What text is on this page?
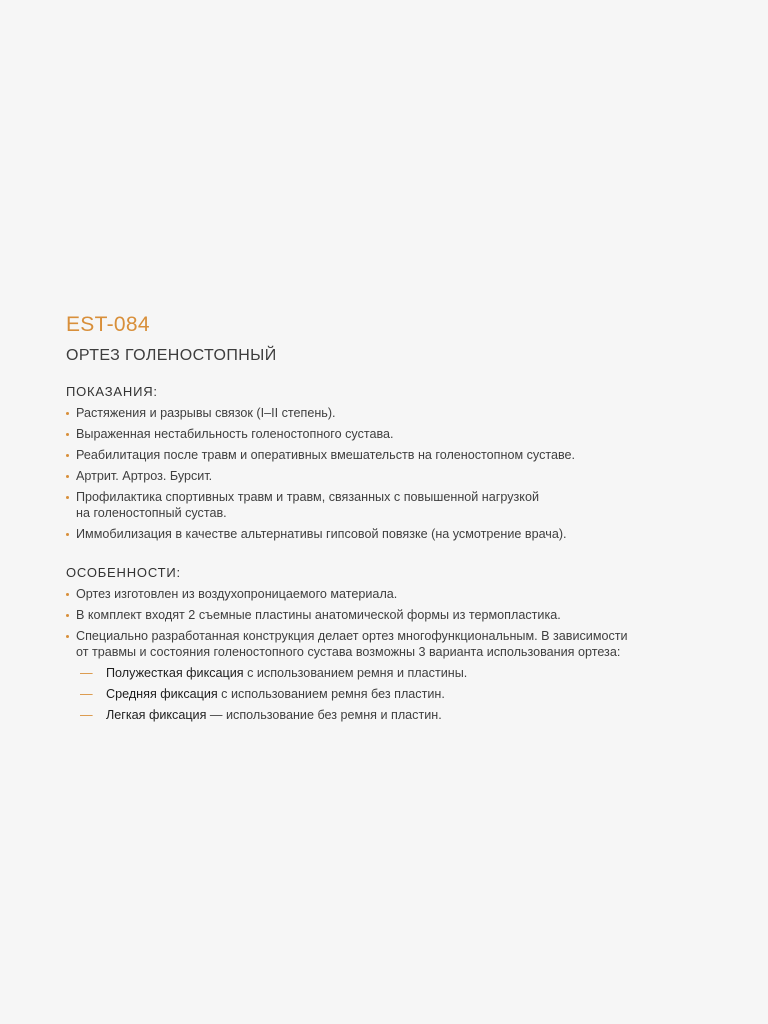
EST-084
ОРТЕЗ ГОЛЕНОСТОПНЫЙ
ПОКАЗАНИЯ:
Растяжения и разрывы связок (I–II степень).
Выраженная нестабильность голеностопного сустава.
Реабилитация после травм и оперативных вмешательств на голеностопном суставе.
Артрит. Артроз. Бурсит.
Профилактика спортивных травм и травм, связанных с повышенной нагрузкой
на голеностопный сустав.
Иммобилизация в качестве альтернативы гипсовой повязке (на усмотрение врача).
ОСОБЕННОСТИ:
Ортез изготовлен из воздухопроницаемого материала.
В комплект входят 2 съемные пластины анатомической формы из термопластика.
Специально разработанная конструкция делает ортез многофункциональным. В зависимости
от травмы и состояния голеностопного сустава возможны 3 варианта использования ортеза:
— Полужесткая фиксация с использованием ремня и пластины.
— Средняя фиксация с использованием ремня без пластин.
— Легкая фиксация — использование без ремня и пластин.
